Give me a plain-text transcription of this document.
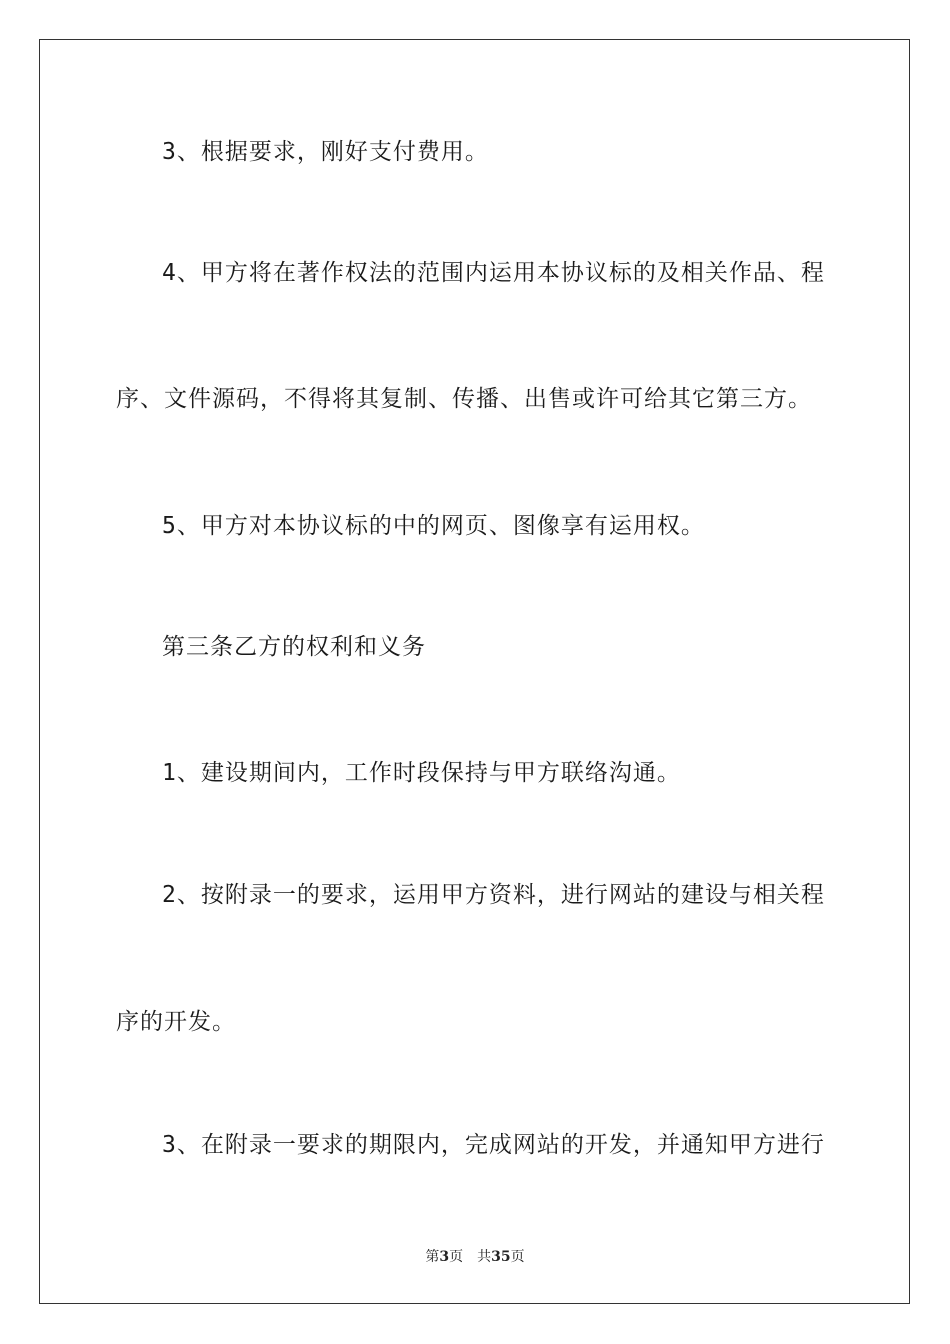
3、根据要求，刚好支付费用。
4、甲方将在著作权法的范围内运用本协议标的及相关作品、程
序、文件源码，不得将其复制、传播、出售或许可给其它第三方。
5、甲方对本协议标的中的网页、图像享有运用权。
第三条乙方的权利和义务
1、建设期间内，工作时段保持与甲方联络沟通。
2、按附录一的要求，运用甲方资料，进行网站的建设与相关程
序的开发。
3、在附录一要求的期限内，完成网站的开发，并通知甲方进行
第3页 共35页
